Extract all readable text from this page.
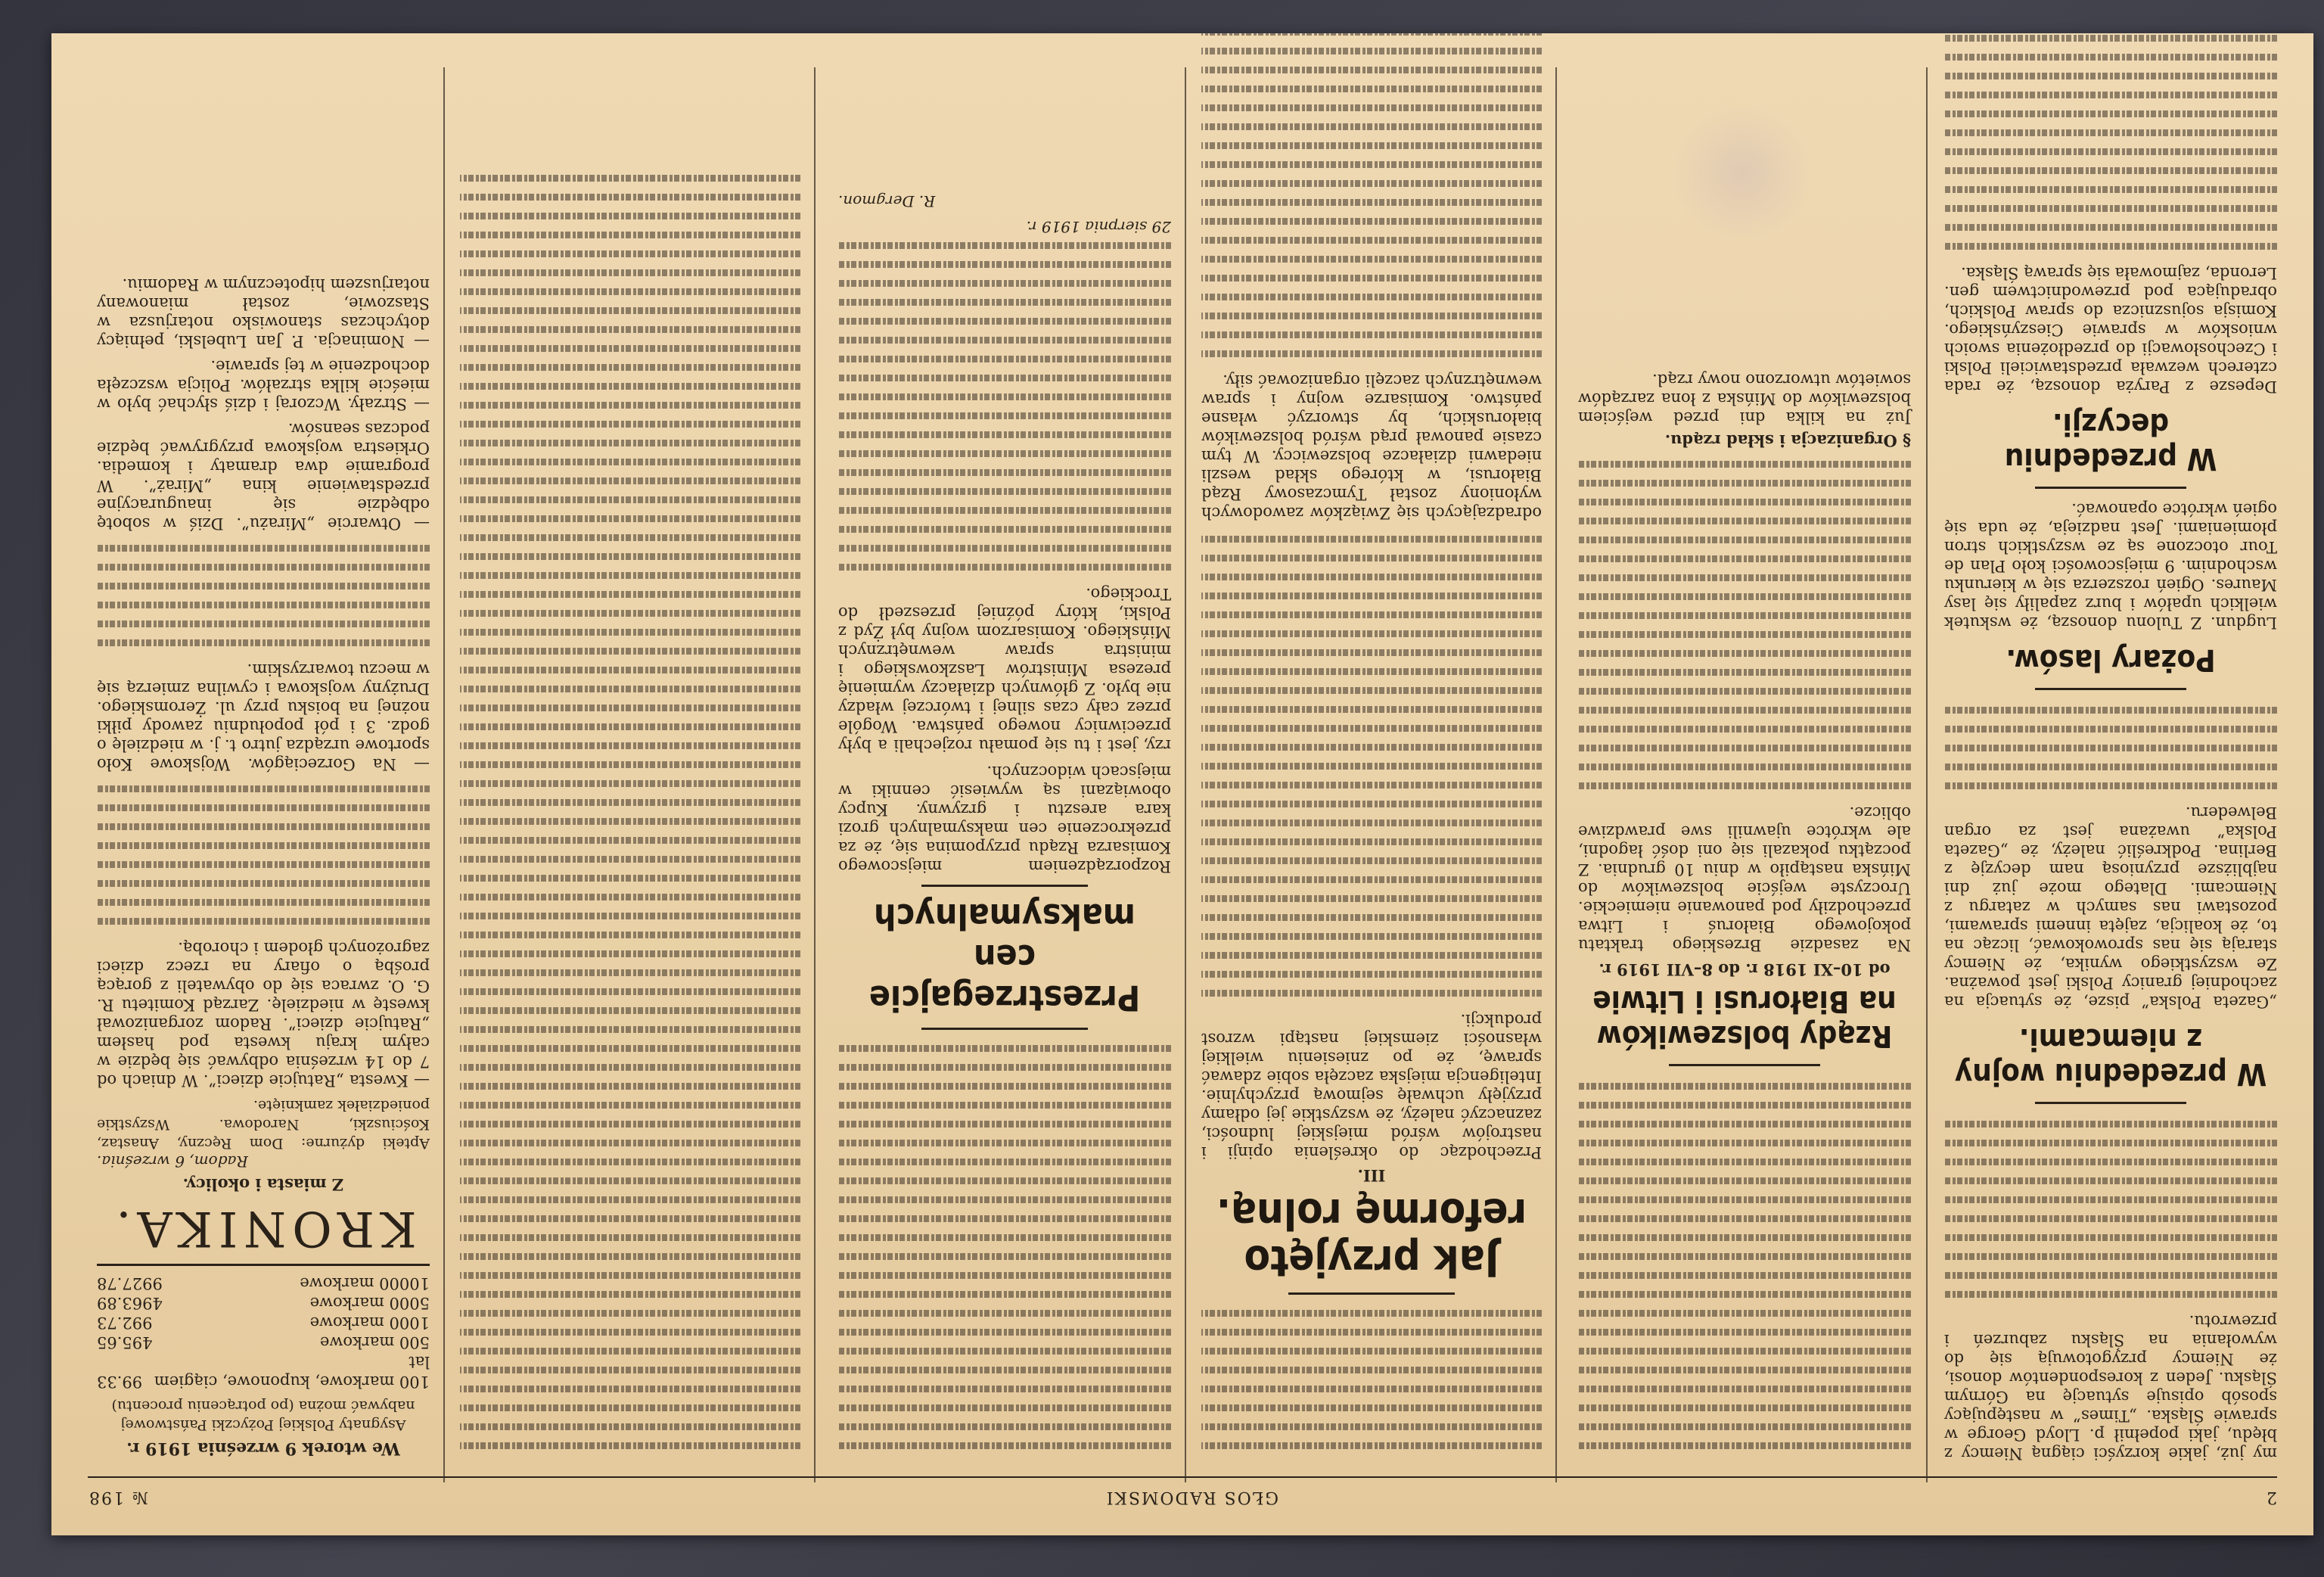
2
GŁOS RADOMSKI
№ 198

my już, jakie korzyści ciągną Niemcy z błędu, jaki popełnił p. Lloyd George w sprawie Śląska. „Times” w następujący sposób opisuje sytuację na Górnym Śląsku. Jeden z korespondentów donosi, że Niemcy przygotowują się do wywołania na Śląsku zaburzeń i przewrotu.

W przededniu wojny z niemcami.

„Gazeta Polska” pisze, że sytuacja na zachodniej granicy Polski jest poważna. Ze wszystkiego wynika, że Niemcy starają się nas sprowokować, licząc na to, że koalicja, zajęta innemi sprawami, pozostawi nas samych w zatargu z Niemcami. Dlatego może już dni najbliższe przyniosą nam decyzję z Berlina. Podkreślić należy, że „Gazeta Polska” uważana jest za organ Belwederu.

Pożary lasów.

Lugdun. Z Tulonu donoszą, że wskutek wielkich upałów i burz zapaliły się lasy Maures. Ogień rozszerza się w kierunku wschodnim. 9 miejscowości koło Plan de Tour otoczone są ze wszystkich stron płomieniami. Jest nadzieja, że uda się ogień wkrótce opanować.

W przededniu decyzji.

Depesze z Paryża donoszą, że rada czterech wezwała przedstawicieli Polski i Czechosłowacji do przedłożenia swoich wniosków w sprawie Cieszyńskiego. Komisja sojusznicza do spraw Polskich, obradująca pod przewodnictwem gen. Leronda, zajmowała się sprawą Śląska.

Rządy bolszewików na Białorusi i Litwie

od 10–XI 1918 r. do 8–VII 1919 r.

Na zasadzie Brzeskiego traktatu pokojowego Białoruś i Litwa przechodziły pod panowanie niemieckie. Uroczyste wejście bolszewików do Mińska nastąpiło w dniu 10 grudnia. Z początku pokazali się oni dość łagodni, ale wkrótce ujawnili swe prawdziwe oblicze.

§ Organizacja i skład rządu.

Już na kilka dni przed wejściem bolszewików do Mińska z łona zarządów sowietów utworzono nowy rząd.

Jak przyjęto reformę rolną.

III.

Przechodząc do określenia opinji i nastrojów wśród miejskiej ludności, zaznaczyć należy, że wszystkie jej odłamy przyjęły uchwałę sejmową przychylnie. Inteligencja miejska zaczęła sobie zdawać sprawę, że po zniesieniu wielkiej własności ziemskiej nastąpi wzrost produkcji.

odradzających się Związków zawodowych wyłoniony został Tymczasowy Rząd Białorusi, w którego skład weszli niedawni działacze bolszewiccy. W tym czasie panował prąd wśród bolszewików białoruskich, by stworzyć własne państwo. Komisarze wojny i spraw wewnętrznych zaczęli organizować siły.

Przestrzegajcie cen maksymalnych

Rozporządzeniem miejscowego Komisarza Rządu przypomina się, że za przekroczenie cen maksymalnych grozi kara aresztu i grzywny. Kupcy obowiązani są wywiesić cenniki w miejscach widocznych.

rzy, jest i tu się pomału rozjechali a były przeciwnicy nowego państwa. Wogóle przez cały czas silnej i twórczej władzy nie było. Z głównych działaczy wymienię prezesa Ministrów Laszkowskiego i ministra spraw wewnętrznych Mińskiego. Komisarzom wojny był Żyd z Polski, który później przeszedł do Trockiego.

29 sierpnia 1919 r.

R. Dergmon.

We wtorek 9 września 1919 r.

Asygnaty Polskiej Pożyczki Państwowej nabywać można (po potrąceniu procentu)

100 markowe, kuponowe, ciągiem lat
99.33
500 markowe
495.65
1000 markowe
992.73
5000 markowe
4963.89
10000 markowe
9927.78

KRONIKA.

Z miasta i okolicy.

Radom, 6 września.

Apteki dyżurne: Dom Ręczny, Anastaz, Kościuszki, Narodowa. Wszystkie poniedziałek zamknięte.

— Kwesta „Ratujcie dzieci”. W dniach od 7 do 14 września odbywać się będzie w całym kraju kwesta pod hasłem „Ratujcie dzieci”. Radom zorganizował kwestę w niedzielę. Zarząd Komitetu R. G. O. zwraca się do obywateli z gorącą prośbą o ofiary na rzecz dzieci zagrożonych głodem i chorobą.

— Na Gorzeciągów. Wojskowe Koło sportowe urządza jutro t. j. w niedzielę o godz. 3 i pół popołudniu zawody piłki nożnej na boisku przy ul. Żeromskiego. Drużyny wojskowa i cywilna zmierzą się w meczu towarzyskim.

— Otwarcie „Mirażu”. Dziś w sobotę odbędzie się inauguracyjne przedstawienie kina „Miraż”. W programie dwa dramaty i komedia. Orkiestra wojskowa przygrywać będzie podczas seansów.

— Strzały. Wczoraj i dziś słychać było w mieście kilka strzałów. Policja wszczęła dochodzenie w tej sprawie.

— Nominacja. P. Jan Lubelski, pełniący dotychczas stanowisko notarjusza w Staszowie, został mianowany notarjuszem hipotecznym w Radomiu.
